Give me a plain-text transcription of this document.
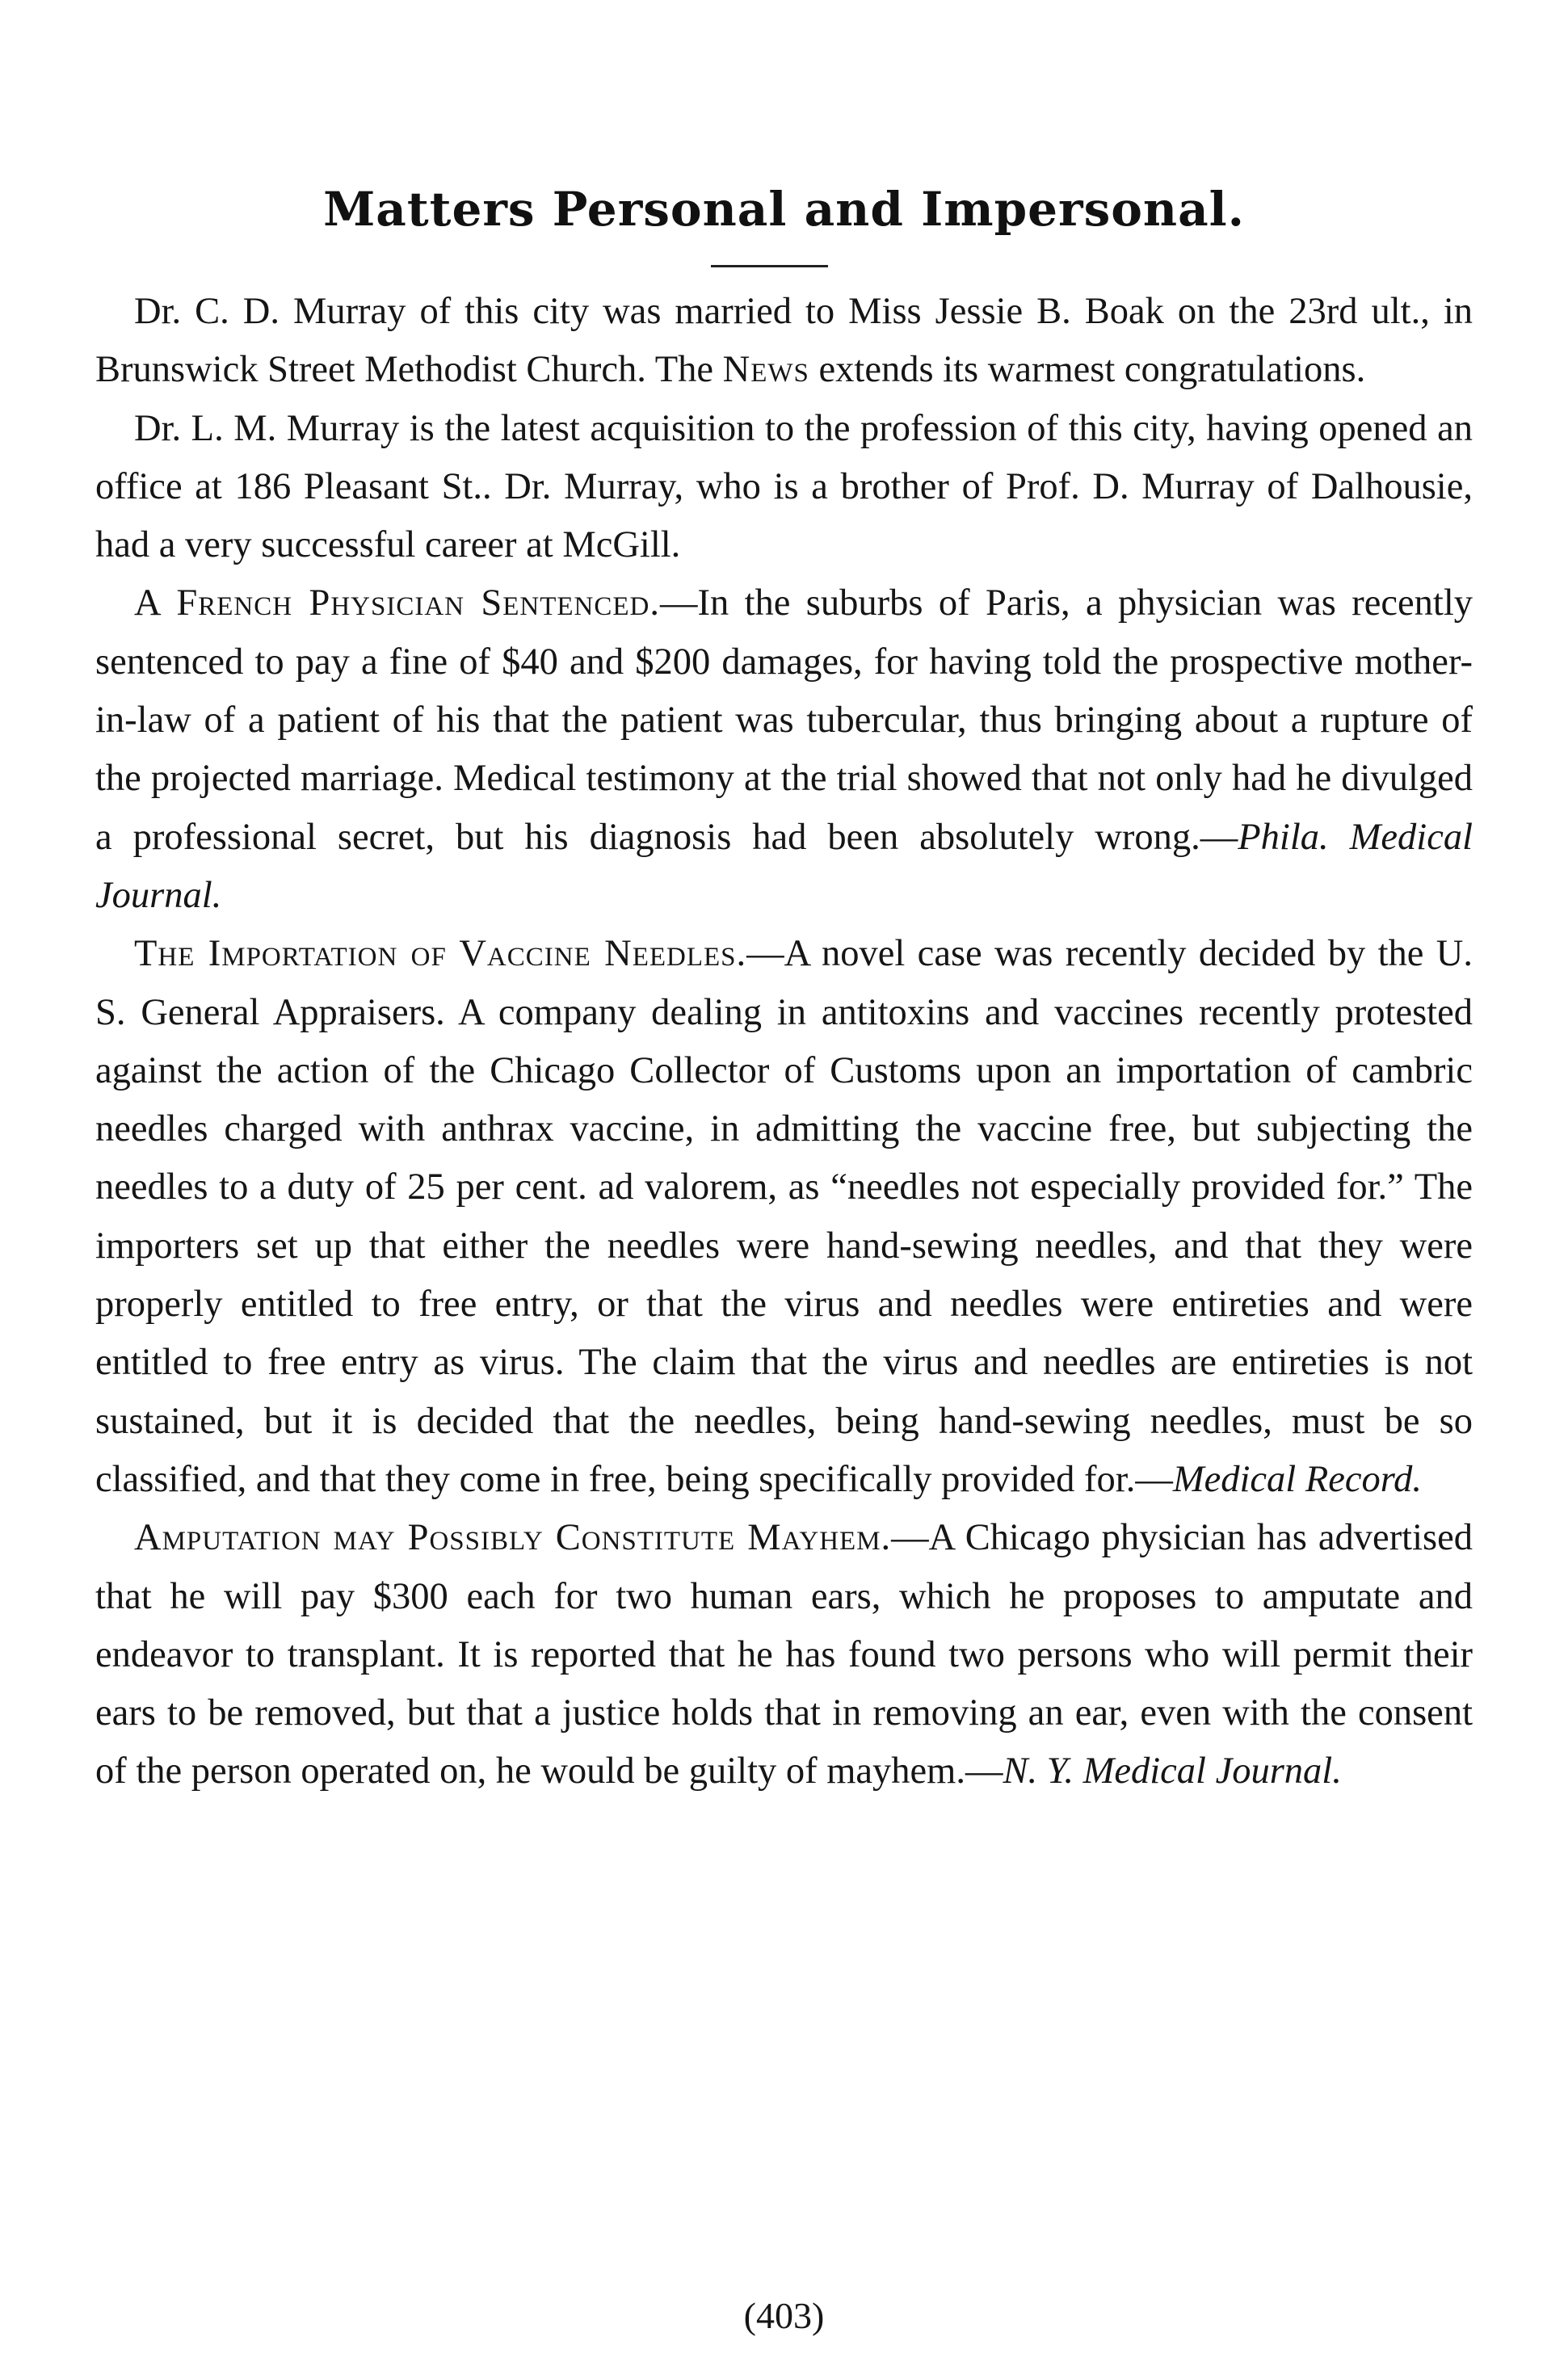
Matters Personal and Impersonal.

Dr. C. D. Murray of this city was married to Miss Jessie B. Boak on the 23rd ult., in Brunswick Street Methodist Church. The News extends its warmest congratulations.

Dr. L. M. Murray is the latest acquisition to the profession of this city, having opened an office at 186 Pleasant St.. Dr. Murray, who is a brother of Prof. D. Murray of Dalhousie, had a very successful career at McGill.

A French Physician Sentenced.—In the suburbs of Paris, a physician was recently sentenced to pay a fine of $40 and $200 damages, for having told the prospective mother-in-law of a patient of his that the patient was tubercular, thus bringing about a rupture of the projected marriage. Medical testimony at the trial showed that not only had he divulged a professional secret, but his diagnosis had been absolutely wrong.—Phila. Medical Journal.

The Importation of Vaccine Needles.—A novel case was recently decided by the U. S. General Appraisers. A company dealing in antitoxins and vaccines recently protested against the action of the Chicago Collector of Customs upon an importation of cambric needles charged with anthrax vaccine, in admitting the vaccine free, but subjecting the needles to a duty of 25 per cent. ad valorem, as “needles not especially provided for.” The importers set up that either the needles were hand-sewing needles, and that they were properly entitled to free entry, or that the virus and needles were entireties and were entitled to free entry as virus. The claim that the virus and needles are entireties is not sustained, but it is decided that the needles, being hand-sewing needles, must be so classified, and that they come in free, being specifically provided for.—Medical Record.

Amputation may Possibly Constitute Mayhem.—A Chicago physician has advertised that he will pay $300 each for two human ears, which he proposes to amputate and endeavor to transplant. It is reported that he has found two persons who will permit their ears to be removed, but that a justice holds that in removing an ear, even with the consent of the person operated on, he would be guilty of mayhem.—N. Y. Medical Journal.

(403)
